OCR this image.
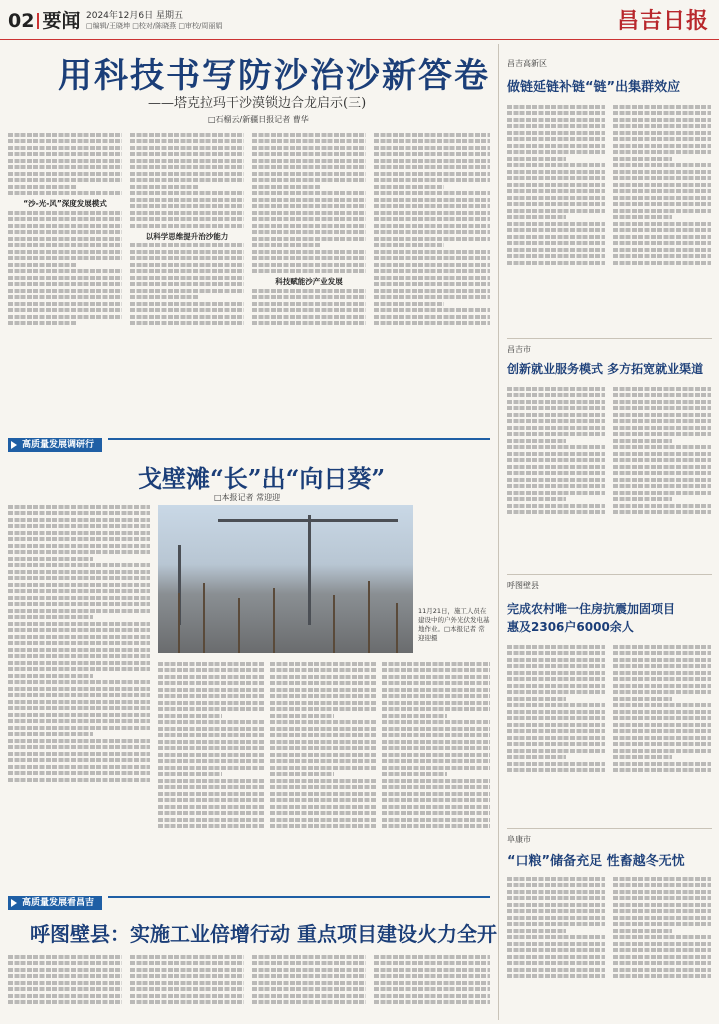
02 要闻 2024年12月6日 星期五
□编辑/王晓坤 □校对/陈晓燕 □审校/周丽娟	昌吉日报
用科技书写防沙治沙新答卷
——塔克拉玛干沙漠锁边合龙启示(三)
□石榴云/新疆日报记者 曹华
“沙-光-风”深度发展模式
以科学思维提升治沙能力
科技赋能沙产业发展
高质量发展调研行
戈壁滩“长”出“向日葵”
□本报记者 常迎迎
11月21日，施工人员在建设中的户外光伏发电基地作业。□本报记者 常迎迎摄
高质量发展看昌吉
呼图壁县：实施工业倍增行动 重点项目建设火力全开
昌吉高新区
做链延链补链“链”出集群效应
昌吉市
创新就业服务模式 多方拓宽就业渠道
呼图壁县
完成农村唯一住房抗震加固项目
惠及2306户6000余人
阜康市
“口粮”储备充足 性畜越冬无忧
